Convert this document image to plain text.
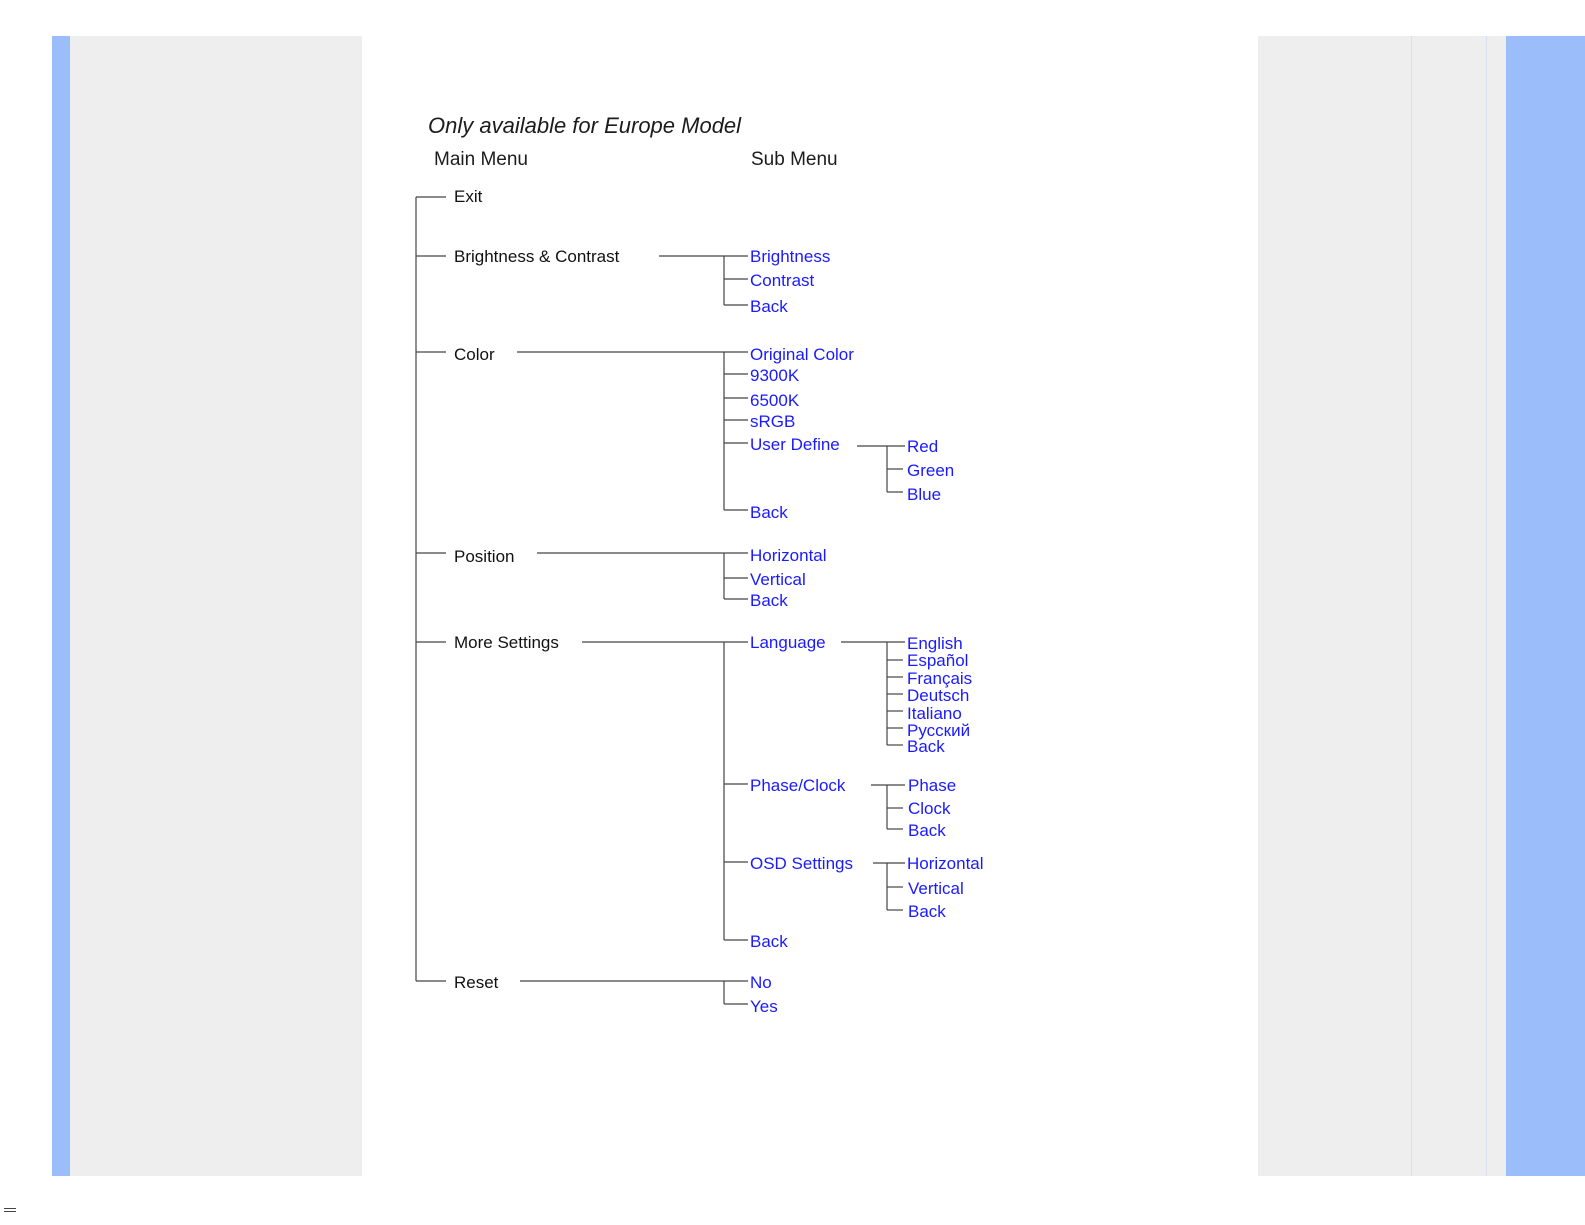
Only available for Europe Model
Main Menu	Sub Menu
Exit
Brightness & Contrast
Color
Position
More Settings
Reset
Brightness
Contrast
Back
Original Color
9300K
6500K
sRGB
User Define
Back
Red
Green
Blue
Horizontal
Vertical
Back
Language
Phase/Clock
OSD Settings
Back
English
Español
Français
Deutsch
Italiano
Русский
Back
Phase
Clock
Back
Horizontal
Vertical
Back
No
Yes
